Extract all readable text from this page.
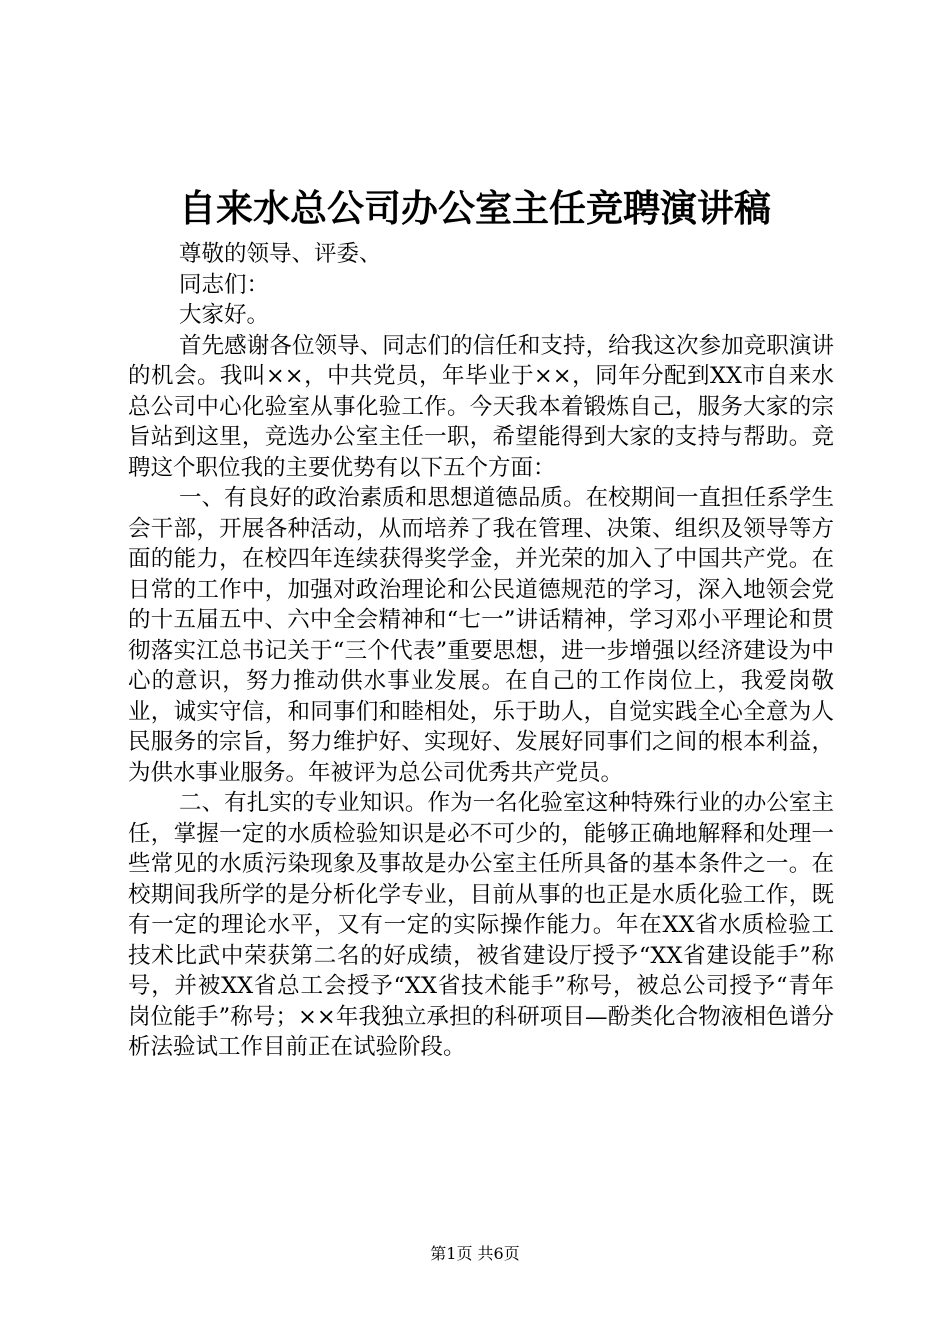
自来水总公司办公室主任竞聘演讲稿

尊敬的领导、评委、

同志们：

大家好。

首先感谢各位领导、同志们的信任和支持，给我这次参加竞职演讲的机会。我叫××，中共党员，年毕业于××，同年分配到XX市自来水总公司中心化验室从事化验工作。今天我本着锻炼自己，服务大家的宗旨站到这里，竞选办公室主任一职，希望能得到大家的支持与帮助。竞聘这个职位我的主要优势有以下五个方面：

一、有良好的政治素质和思想道德品质。在校期间一直担任系学生会干部，开展各种活动，从而培养了我在管理、决策、组织及领导等方面的能力，在校四年连续获得奖学金，并光荣的加入了中国共产党。在日常的工作中，加强对政治理论和公民道德规范的学习，深入地领会党的十五届五中、六中全会精神和“七一”讲话精神，学习邓小平理论和贯彻落实江总书记关于“三个代表”重要思想，进一步增强以经济建设为中心的意识，努力推动供水事业发展。在自己的工作岗位上，我爱岗敬业，诚实守信，和同事们和睦相处，乐于助人，自觉实践全心全意为人民服务的宗旨，努力维护好、实现好、发展好同事们之间的根本利益，为供水事业服务。年被评为总公司优秀共产党员。

二、有扎实的专业知识。作为一名化验室这种特殊行业的办公室主任，掌握一定的水质检验知识是必不可少的，能够正确地解释和处理一些常见的水质污染现象及事故是办公室主任所具备的基本条件之一。在校期间我所学的是分析化学专业，目前从事的也正是水质化验工作，既有一定的理论水平，又有一定的实际操作能力。年在XX省水质检验工技术比武中荣获第二名的好成绩，被省建设厅授予“XX省建设能手”称号，并被XX省总工会授予“XX省技术能手”称号，被总公司授予“青年岗位能手”称号；××年我独立承担的科研项目—酚类化合物液相色谱分析法验试工作目前正在试验阶段。

第1页 共6页
